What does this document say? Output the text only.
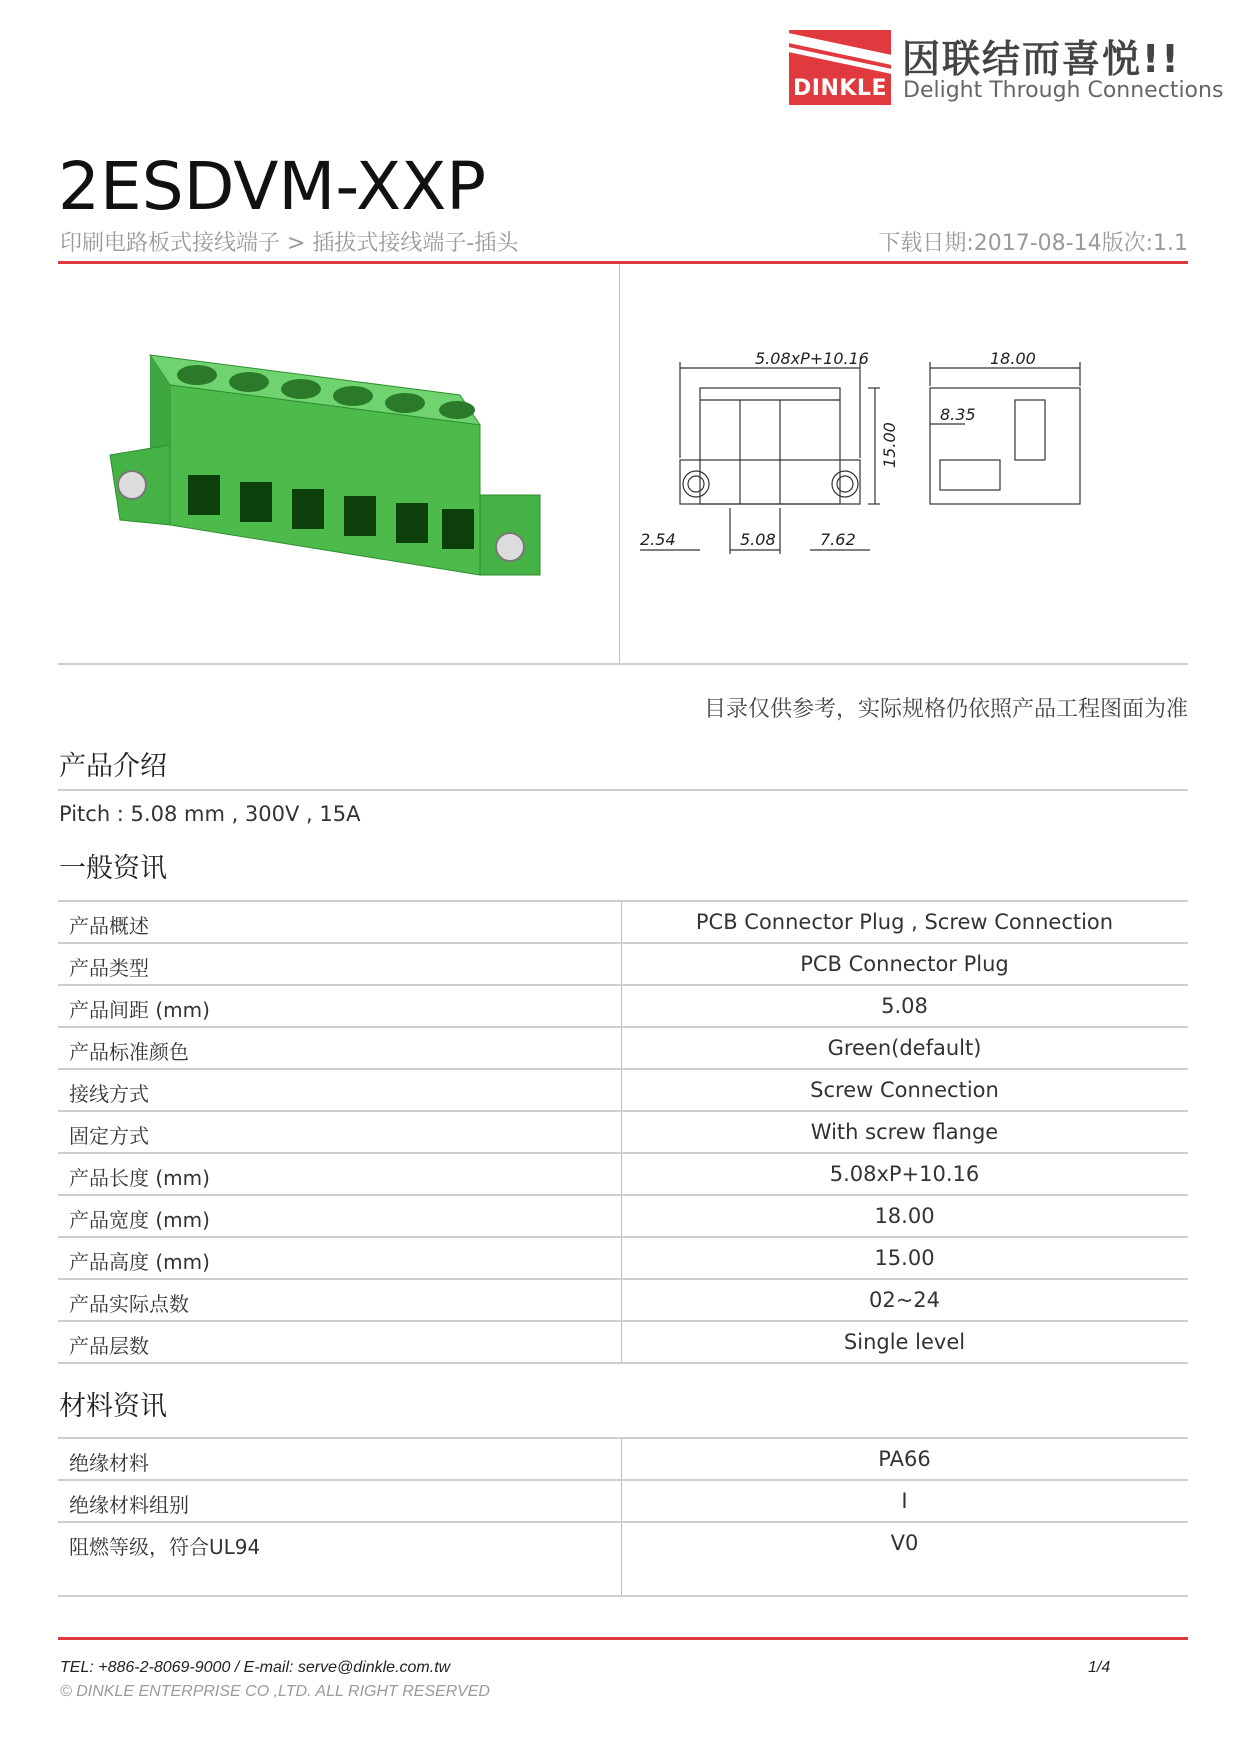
DINKLE
因联结而喜悦!!
Delight Through Connections
2ESDVM-XXP
印刷电路板式接线端子 > 插拔式接线端子-插头	下载日期:2017-08-14版次:1.1
5.08xP+10.16	18.00
8.35
2.54	5.08	7.62
15.00
目录仅供参考，实际规格仍依照产品工程图面为准
产品介绍
Pitch : 5.08 mm , 300V , 15A
一般资讯
产品概述	PCB Connector Plug , Screw Connection
产品类型	PCB Connector Plug
产品间距 (mm)	5.08
产品标准颜色	Green(default)
接线方式	Screw Connection
固定方式	With screw flange
产品长度 (mm)	5.08xP+10.16
产品宽度 (mm)	18.00
产品高度 (mm)	15.00
产品实际点数	02~24
产品层数	Single level
材料资讯
绝缘材料	PA66
绝缘材料组别	I
阻燃等级，符合UL94	V0
TEL: +886-2-8069-9000 / E-mail: serve@dinkle.com.tw	1/4
© DINKLE ENTERPRISE CO ,LTD. ALL RIGHT RESERVED
